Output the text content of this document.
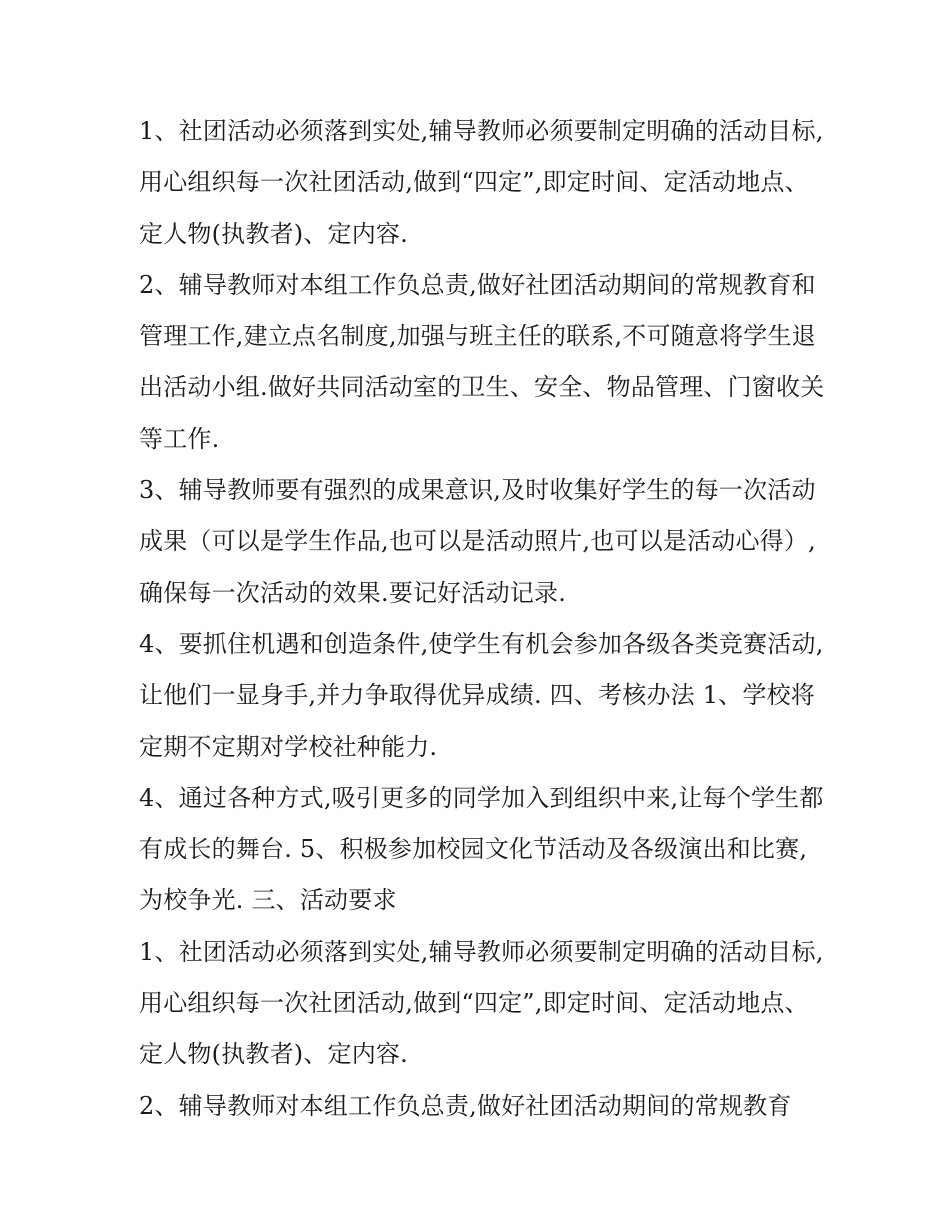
1、社团活动必须落到实处,辅导教师必须要制定明确的活动目标,用心组织每一次社团活动,做到“四定”,即定时间、定活动地点、定人物(执教者)、定内容.

2、辅导教师对本组工作负总责,做好社团活动期间的常规教育和管理工作,建立点名制度,加强与班主任的联系,不可随意将学生退出活动小组.做好共同活动室的卫生、安全、物品管理、门窗收关等工作.

3、辅导教师要有强烈的成果意识,及时收集好学生的每一次活动成果（可以是学生作品,也可以是活动照片,也可以是活动心得）,确保每一次活动的效果.要记好活动记录.

4、要抓住机遇和创造条件,使学生有机会参加各级各类竞赛活动,让他们一显身手,并力争取得优异成绩. 四、考核办法 1、学校将定期不定期对学校社种能力.

4、通过各种方式,吸引更多的同学加入到组织中来,让每个学生都有成长的舞台. 5、积极参加校园文化节活动及各级演出和比赛,为校争光. 三、活动要求

1、社团活动必须落到实处,辅导教师必须要制定明确的活动目标,用心组织每一次社团活动,做到“四定”,即定时间、定活动地点、定人物(执教者)、定内容.

2、辅导教师对本组工作负总责,做好社团活动期间的常规教育
